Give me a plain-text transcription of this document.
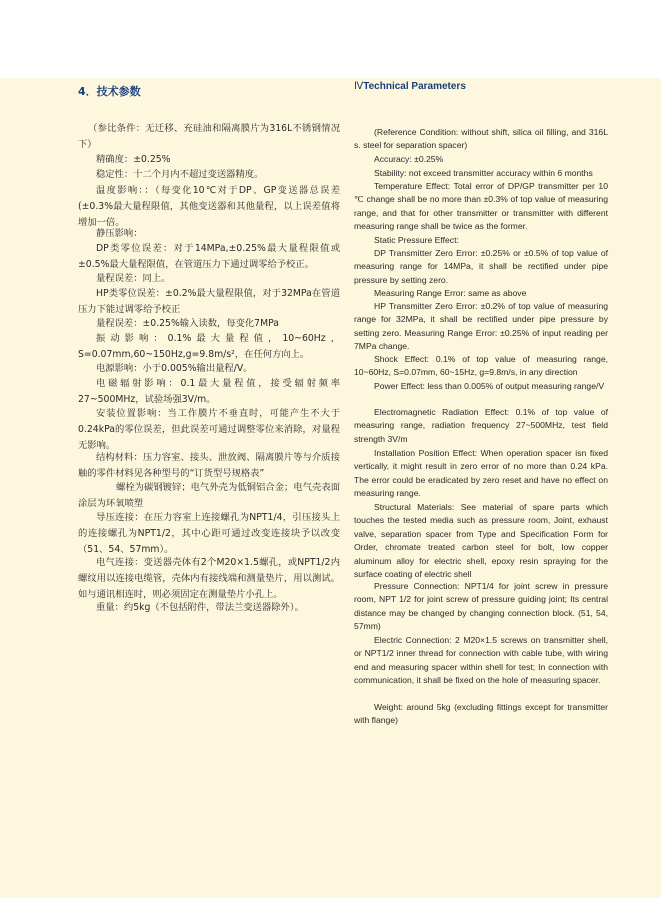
4．技术参数	ⅣTechnical Parameters

（参比条件：无迁移、充硅油和隔离膜片为316L不锈钢情况下）

精确度：±0.25%

稳定性：十二个月内不超过变送器精度。

温度影响：：（每变化10℃对于DP、GP变送器总误差(±0.3%最大量程限值，其他变送器和其他量程，以上误差值将增加一倍。

静压影响：

DP类零位误差：对于14MPa,±0.25%最大量程限值或±0.5%最大量程限值，在管道压力下通过调零给予校正。

量程误差：同上。

HP类零位误差：±0.2%最大量程限值，对于32MPa在管道压力下能过调零给予校正

量程误差：±0.25%输入读数，每变化7MPa

振动影响：0.1%最大量程值，10~60Hz，S=0.07mm,60~150Hz,g=9.8m/s²，在任何方向上。

电源影响：小于0.005%输出量程/V。

电磁辐射影响：0.1最大量程值，接受辐射频率27~500MHz，试验场强3V/m。

安装位置影响：当工作膜片不垂直时，可能产生不大于0.24kPa的零位误差，但此误差可通过调整零位来消除，对量程无影响。

结构材料：压力容室、接头、泄放阀、隔离膜片等与介质接触的零件材料见各种型号的“订货型号规格表”

螺栓为碳钢镀锌；电气外壳为低铜铝合金；电气壳表面涂层为环氧喷塑

导压连接：在压力容室上连接螺孔为NPT1/4，引压接头上的连接螺孔为NPT1/2，其中心距可通过改变连接块予以改变（51、54、57mm）。

电气连接：变送器壳体有2个M20×1.5螺孔，或NPT1/2内螺纹用以连接电缆管，壳体内有接线端和测量垫片，用以测试。如与通讯相连时，则必须固定在测量垫片小孔上。

重量：约5kg（不包括附件，带法兰变送器除外）。

(Reference Condition: without shift, silica oil filling, and 316L s. steel for separation spacer)

Accuracy: ±0.25%

Stability: not exceed transmitter accuracy within 6 months

Temperature Effect: Total error of DP/GP transmitter per 10 ℃ change shall be no more than ±0.3% of top value of measuring range, and that for other transmitter or transmitter with different measuring range shall be twice as the former.

Static Pressure Effect:

DP Transmitter Zero Error: ±0.25% or ±0.5% of top value of measuring range for 14MPa, it shall be rectified under pipe pressure by setting zero.

Measuring Range Error: same as above

HP Transmitter Zero Error: ±0.2% of top value of measuring range for 32MPa, it shall be rectified under pipe pressure by setting zero. Measuring Range Error: ±0.25% of input reading per 7MPa change.

Shock Effect: 0.1% of top value of measuring range, 10~60Hz, S=0.07mm, 60~15Hz, g=9.8m/s, in any direction

Power Effect: less than 0.005% of output measuring range/V

Electromagnetic Radiation Effect: 0.1% of top value of measuring range, radiation frequency 27~500MHz, test field strength 3V/m

Installation Position Effect: When operation spacer isn fixed vertically, it might result in zero error of no more than 0.24 kPa. The error could be eradicated by zero reset and have no effect on measuring range.

Structural Materials: See material of spare parts which touches the tested media such as pressure room, Joint, exhaust valve, separation spacer from Type and Specification Form for Order, chromate treated carbon steel for bolt, low copper aluminum alloy for electric shell, epoxy resin spraying for the surface coating of electric shell

Pressure Connection: NPT1/4 for joint screw in pressure room, NPT 1/2 for joint screw of pressure guiding joint; Its central distance may be changed by changing connection block. (51, 54, 57mm)

Electric Connection: 2 M20×1.5 screws on transmitter shell, or NPT1/2 inner thread for connection with cable tube, with wiring end and measuring spacer within shell for test; In connection with communication, it shall be fixed on the hole of measuring spacer.

Weight: around 5kg (excluding fittings except for transmitter with flange)
